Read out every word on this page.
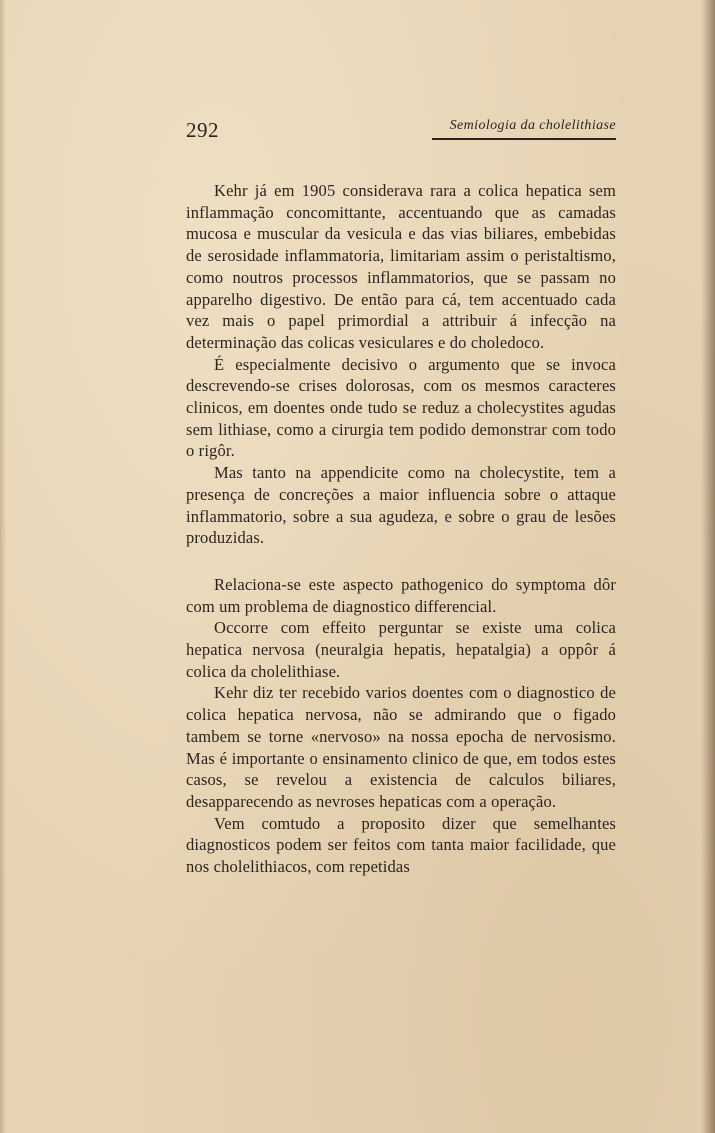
292	Semiologia da cholelithiase

Kehr já em 1905 considerava rara a colica hepatica sem inflammação concomittante, accentuando que as camadas mucosa e muscular da vesicula e das vias biliares, embebidas de serosidade inflammatoria, limitariam assim o peristaltismo, como noutros processos inflammatorios, que se passam no apparelho digestivo. De então para cá, tem accentuado cada vez mais o papel primordial a attribuir á infecção na determinação das colicas vesiculares e do choledoco.

É especialmente decisivo o argumento que se invoca descrevendo-se crises dolorosas, com os mesmos caracteres clinicos, em doentes onde tudo se reduz a cholecystites agudas sem lithiase, como a cirurgia tem podido demonstrar com todo o rigôr.

Mas tanto na appendicite como na cholecystite, tem a presença de concreções a maior influencia sobre o attaque inflammatorio, sobre a sua agudeza, e sobre o grau de lesões produzidas.

Relaciona-se este aspecto pathogenico do symptoma dôr com um problema de diagnostico differencial.

Occorre com effeito perguntar se existe uma colica hepatica nervosa (neuralgia hepatis, hepatalgia) a oppôr á colica da cholelithiase.

Kehr diz ter recebido varios doentes com o diagnostico de colica hepatica nervosa, não se admirando que o figado tambem se torne «nervoso» na nossa epocha de nervosismo. Mas é importante o ensinamento clinico de que, em todos estes casos, se revelou a existencia de calculos biliares, desapparecendo as nevroses hepaticas com a operação.

Vem comtudo a proposito dizer que semelhantes diagnosticos podem ser feitos com tanta maior facilidade, que nos cholelithiacos, com repetidas
